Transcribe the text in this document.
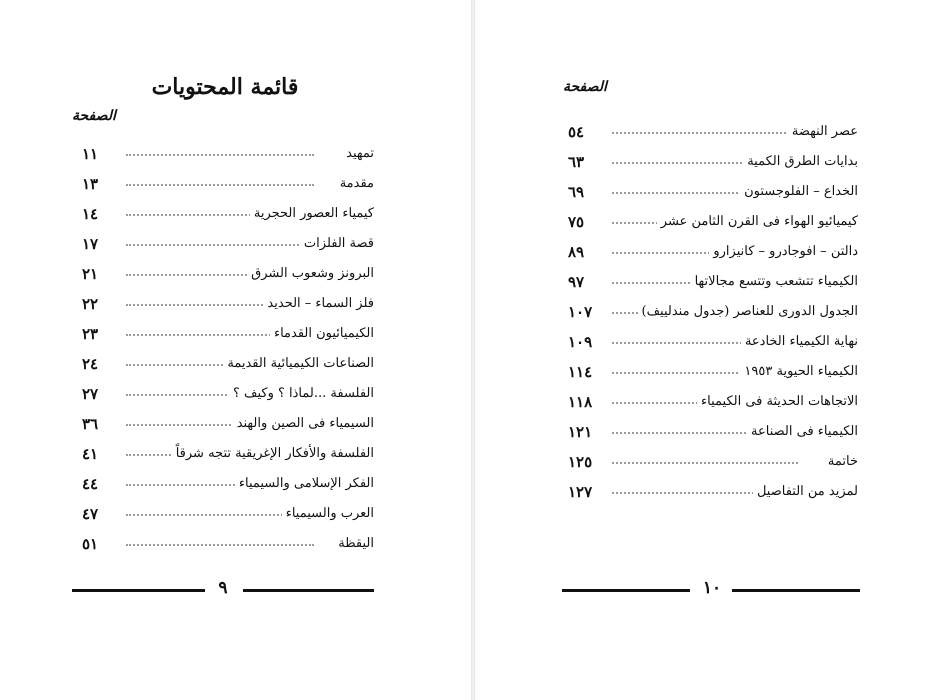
قائمة المحتويات
الصفحة
تمهيد
١١
مقدمة
١٣
كيمياء العصور الحجرية
١٤
قصة الفلزات
١٧
البرونز وشعوب الشرق
٢١
فلز السماء – الحديد
٢٢
الكيميائيون القدماء
٢٣
الصناعات الكيميائية القديمة
٢٤
الفلسفة ...لماذا ؟ وكيف ؟
٢٧
السيمياء فى الصين والهند
٣٦
الفلسفة والأفكار الإغريقية تتجه شرقاً
٤١
الفكر الإسلامى والسيمياء
٤٤
العرب والسيمياء
٤٧
اليقظة
٥١
٩
الصفحة
عصر النهضة
٥٤
بدايات الطرق الكمية
٦٣
الخداع – الفلوجستون
٦٩
كيميائيو الهواء فى القرن الثامن عشر
٧٥
دالتن – افوجادرو – كانيزارو
٨٩
الكيمياء تتشعب وتتسع مجالاتها
٩٧
الجدول الدورى للعناصر (جدول مندلييف)
١٠٧
نهاية الكيمياء الخادعة
١٠٩
الكيمياء الحيوية ١٩٥٣
١١٤
الاتجاهات الحديثة فى الكيمياء
١١٨
الكيمياء فى الصناعة
١٢١
خاتمة
١٢٥
لمزيد من التفاصيل
١٢٧
١٠
